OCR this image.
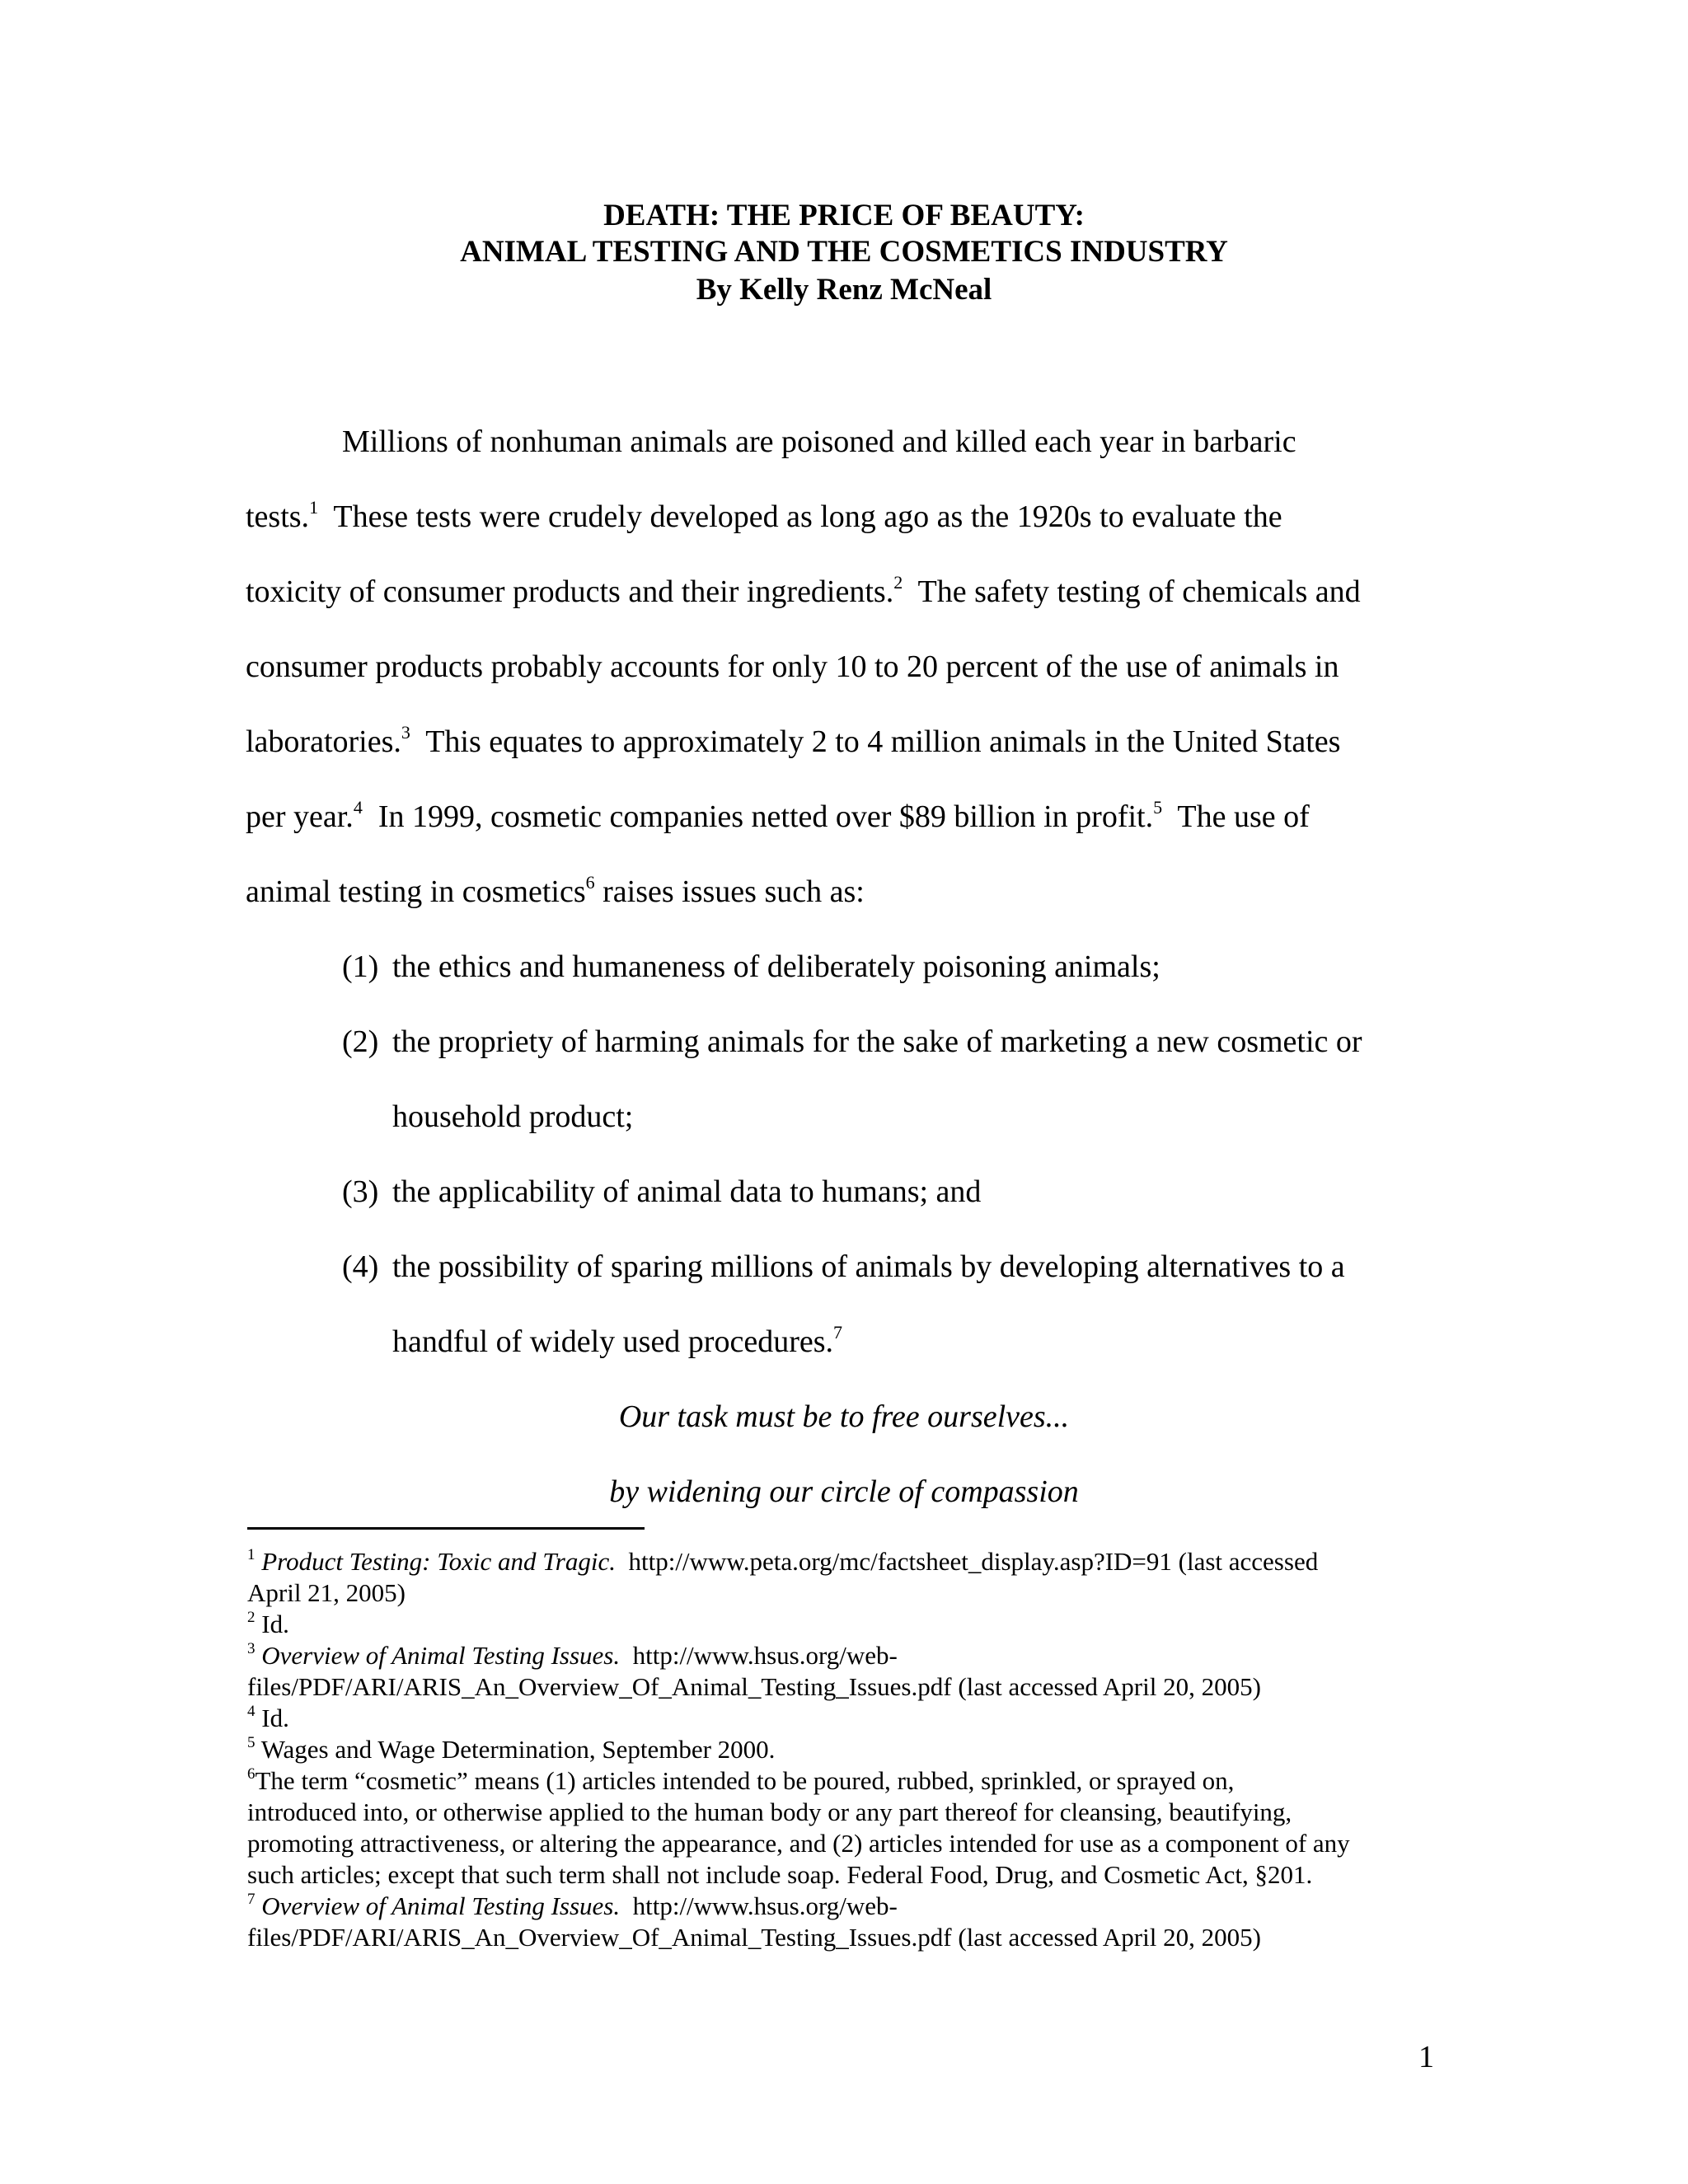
DEATH: THE PRICE OF BEAUTY:
ANIMAL TESTING AND THE COSMETICS INDUSTRY
By Kelly Renz McNeal
Millions of nonhuman animals are poisoned and killed each year in barbaric
tests.$^1$  These tests were crudely developed as long ago as the 1920s to evaluate the
toxicity of consumer products and their ingredients.$^2$  The safety testing of chemicals and
consumer products probably accounts for only 10 to 20 percent of the use of animals in
laboratories.$^3$  This equates to approximately 2 to 4 million animals in the United States
per year.$^4$  In 1999, cosmetic companies netted over $89 billion in profit.$^5$  The use of
animal testing in cosmetics$^6$ raises issues such as:
(1) the ethics and humaneness of deliberately poisoning animals;
(2) the propriety of harming animals for the sake of marketing a new cosmetic or
household product;
(3) the applicability of animal data to humans; and
(4) the possibility of sparing millions of animals by developing alternatives to a
handful of widely used procedures.$^7$
Our task must be to free ourselves...
by widening our circle of compassion
$^1$ Product Testing: Toxic and Tragic.  http://www.peta.org/mc/factsheet_display.asp?ID=91 (last accessed
April 21, 2005)
$^2$ Id.
$^3$ Overview of Animal Testing Issues.  http://www.hsus.org/web-
files/PDF/ARI/ARIS_An_Overview_Of_Animal_Testing_Issues.pdf (last accessed April 20, 2005)
$^4$ Id.
$^5$ Wages and Wage Determination, September 2000.
$^6$The term “cosmetic” means (1) articles intended to be poured, rubbed, sprinkled, or sprayed on,
introduced into, or otherwise applied to the human body or any part thereof for cleansing, beautifying,
promoting attractiveness, or altering the appearance, and (2) articles intended for use as a component of any
such articles; except that such term shall not include soap. Federal Food, Drug, and Cosmetic Act, §201.
$^7$ Overview of Animal Testing Issues.  http://www.hsus.org/web-
files/PDF/ARI/ARIS_An_Overview_Of_Animal_Testing_Issues.pdf (last accessed April 20, 2005)
1
